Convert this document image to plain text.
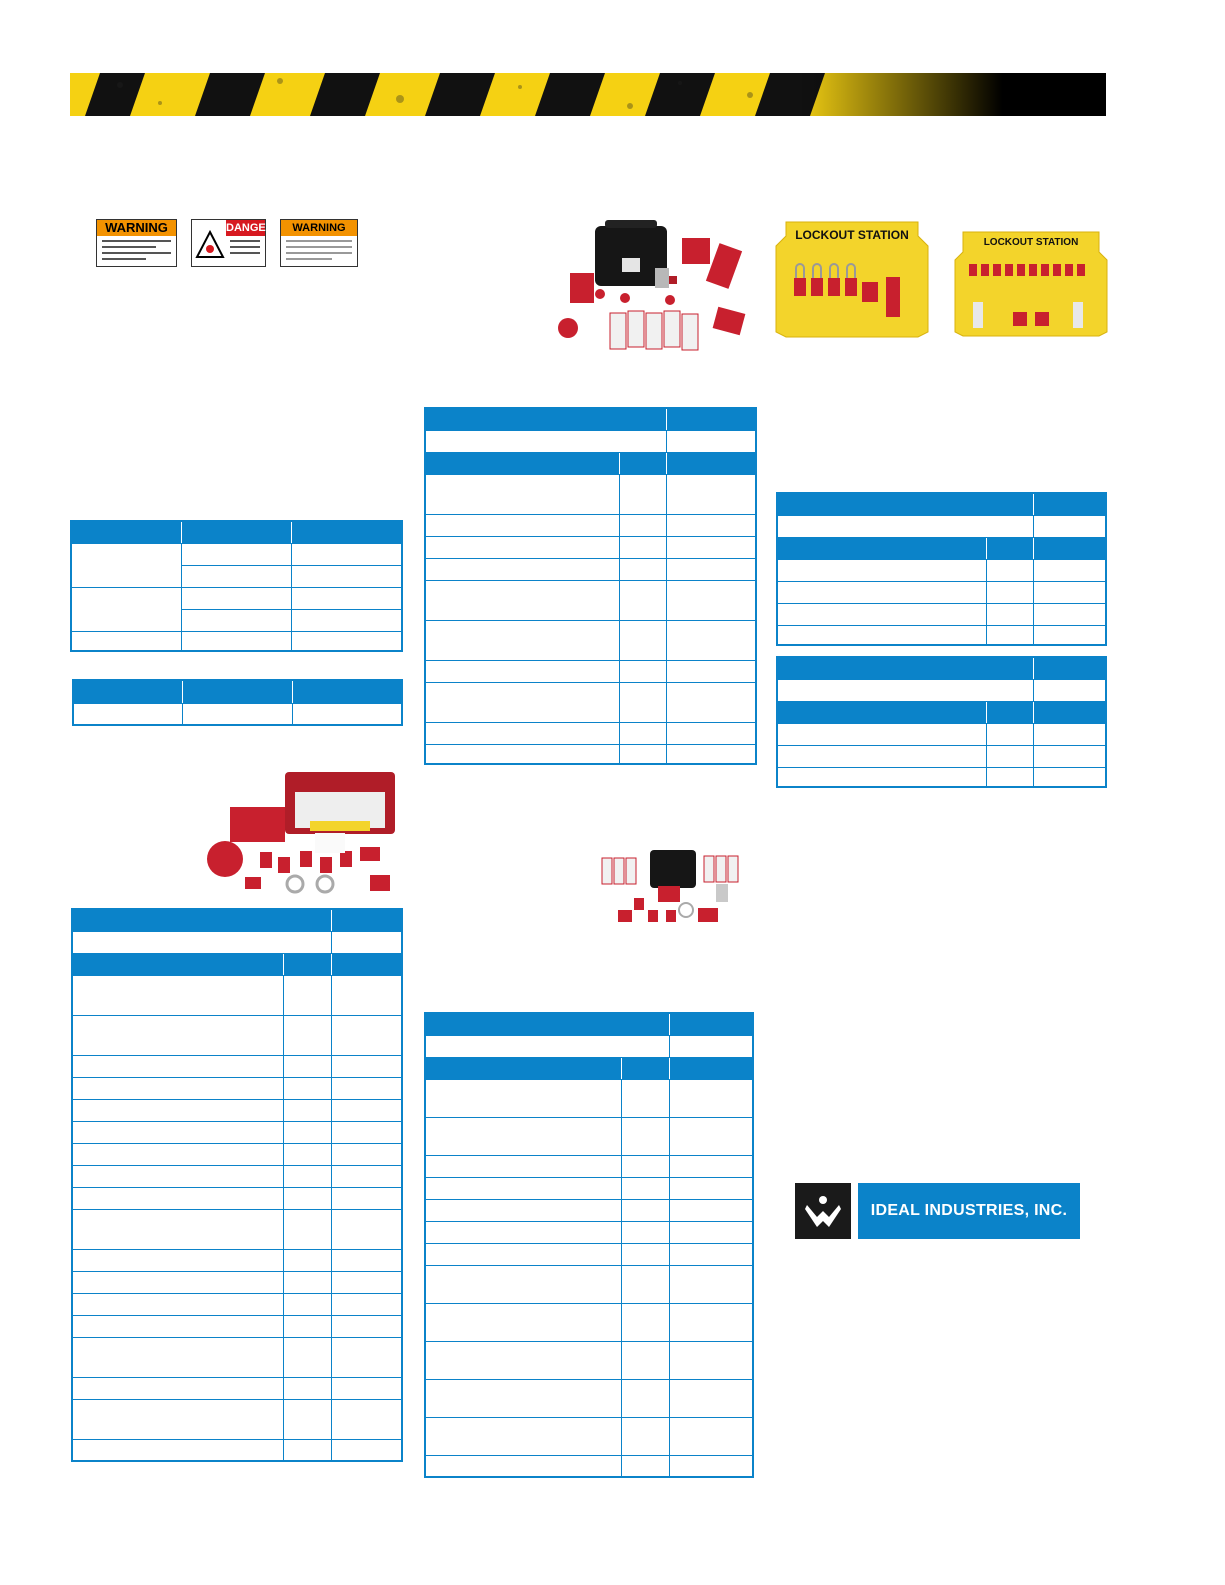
WARNING	DANGER	WARNING	LOCKOUT STATION
LOCKOUT STATION

IDEAL INDUSTRIES, INC.
